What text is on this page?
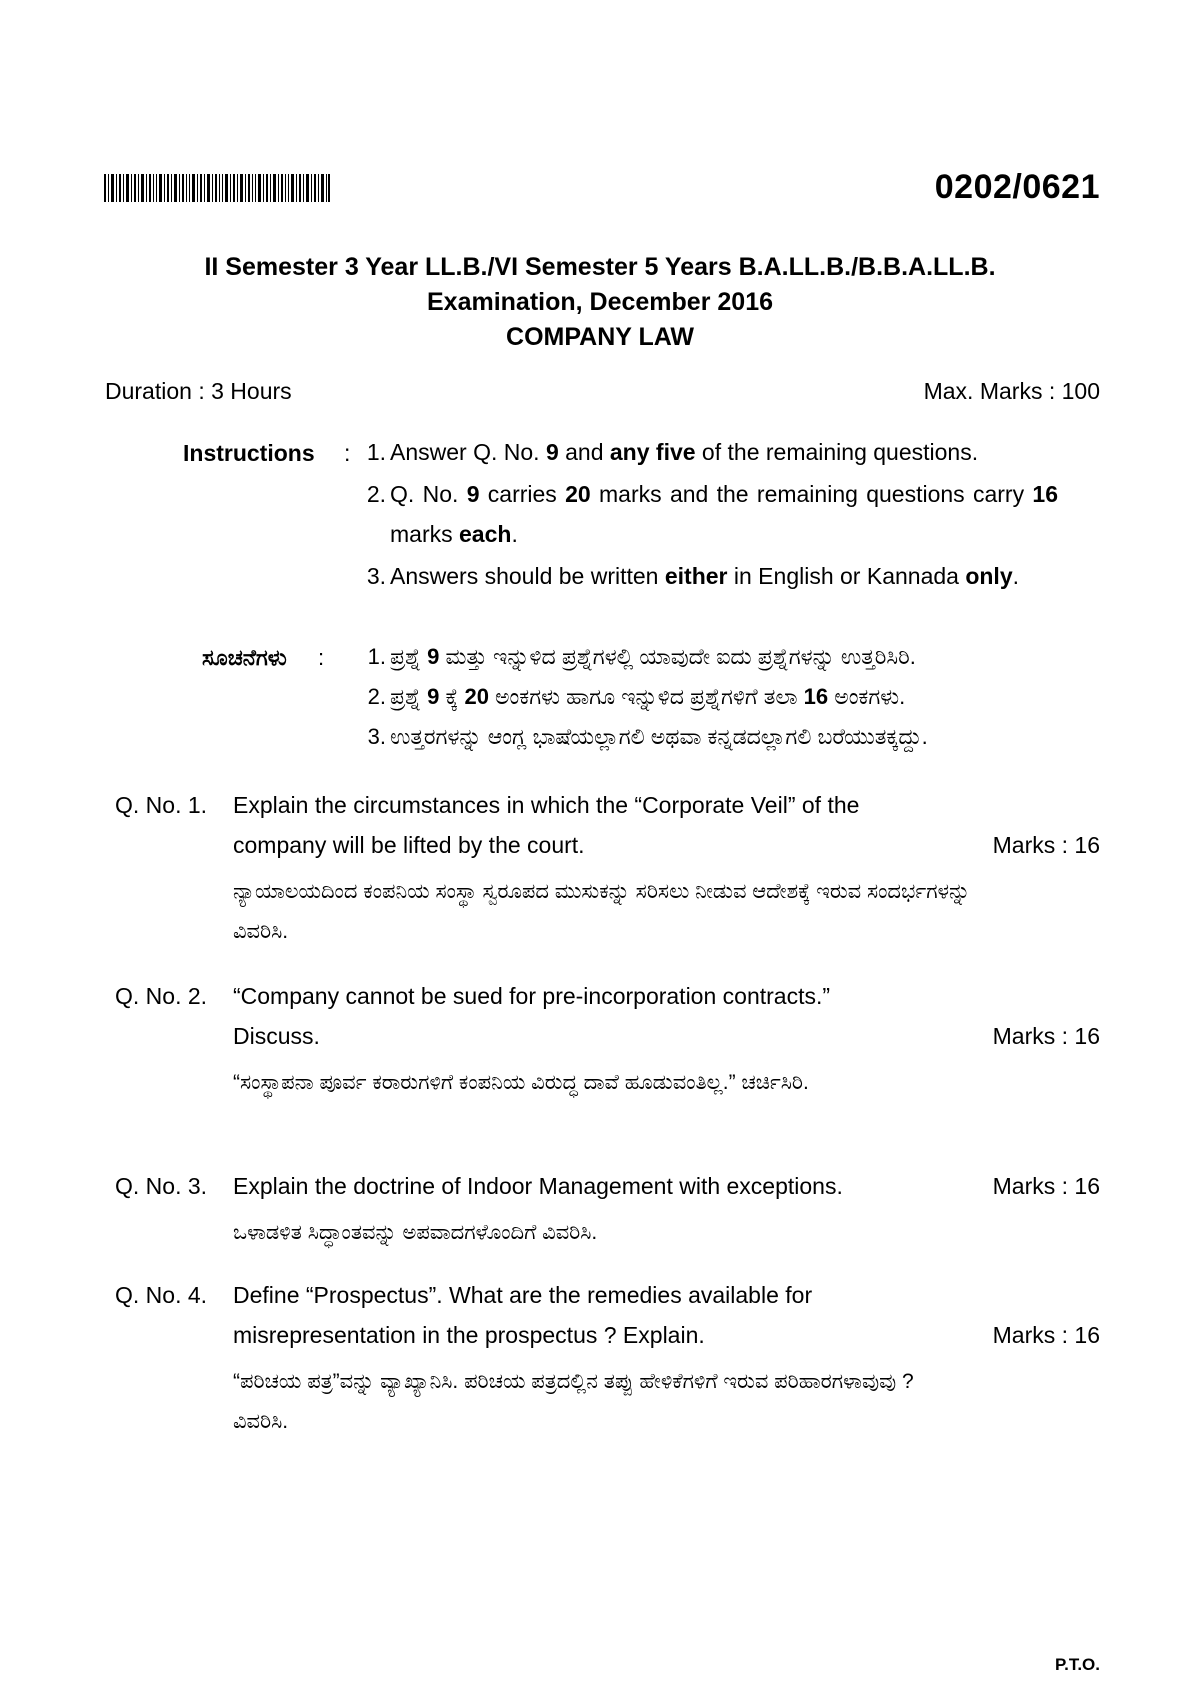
0202/0621
II Semester 3 Year LL.B./VI Semester 5 Years B.A.LL.B./B.B.A.LL.B.
Examination, December 2016
COMPANY LAW
Duration : 3 Hours	Max. Marks : 100
Instructions : 1. Answer Q. No. 9 and any five of the remaining questions.
2. Q. No. 9 carries 20 marks and the remaining questions carry 16 marks each.
3. Answers should be written either in English or Kannada only.
ಸೂಚನೆಗಳು :	1. ಪ್ರಶ್ನೆ 9 ಮತ್ತು ಇನ್ನುಳಿದ ಪ್ರಶ್ನೆಗಳಲ್ಲಿ ಯಾವುದೇ ಐದು ಪ್ರಶ್ನೆಗಳನ್ನು ಉತ್ತರಿಸಿರಿ.
2. ಪ್ರಶ್ನೆ 9 ಕ್ಕೆ 20 ಅಂಕಗಳು ಹಾಗೂ ಇನ್ನುಳಿದ ಪ್ರಶ್ನೆಗಳಿಗೆ ತಲಾ 16 ಅಂಕಗಳು.
3. ಉತ್ತರಗಳನ್ನು ಆಂಗ್ಲ ಭಾಷೆಯಲ್ಲಾಗಲಿ ಅಥವಾ ಕನ್ನಡದಲ್ಲಾಗಲಿ ಬರೆಯುತಕ್ಕದ್ದು.
Q. No. 1. Explain the circumstances in which the “Corporate Veil” of the
company will be lifted by the court.	Marks : 16
ನ್ಯಾಯಾಲಯದಿಂದ ಕಂಪನಿಯ ಸಂಸ್ಥಾ ಸ್ವರೂಪದ ಮುಸುಕನ್ನು ಸರಿಸಲು ನೀಡುವ ಆದೇಶಕ್ಕೆ ಇರುವ ಸಂದರ್ಭಗಳನ್ನು ವಿವರಿಸಿ.
Q. No. 2. “Company cannot be sued for pre-incorporation contracts.”
Discuss.	Marks : 16
“ಸಂಸ್ಥಾಪನಾ ಪೂರ್ವ ಕರಾರುಗಳಿಗೆ ಕಂಪನಿಯ ವಿರುದ್ಧ ದಾವೆ ಹೂಡುವಂತಿಲ್ಲ.” ಚರ್ಚಿಸಿರಿ.
Q. No. 3. Explain the doctrine of Indoor Management with exceptions.	Marks : 16
ಒಳಾಡಳಿತ ಸಿದ್ಧಾಂತವನ್ನು ಅಪವಾದಗಳೊಂದಿಗೆ ವಿವರಿಸಿ.
Q. No. 4. Define “Prospectus”. What are the remedies available for
misrepresentation in the prospectus ? Explain.	Marks : 16
“ಪರಿಚಯ ಪತ್ರ”ವನ್ನು ವ್ಯಾಖ್ಯಾನಿಸಿ. ಪರಿಚಯ ಪತ್ರದಲ್ಲಿನ ತಪ್ಪು ಹೇಳಿಕೆಗಳಿಗೆ ಇರುವ ಪರಿಹಾರಗಳಾವುವು ? ವಿವರಿಸಿ.
P.T.O.
